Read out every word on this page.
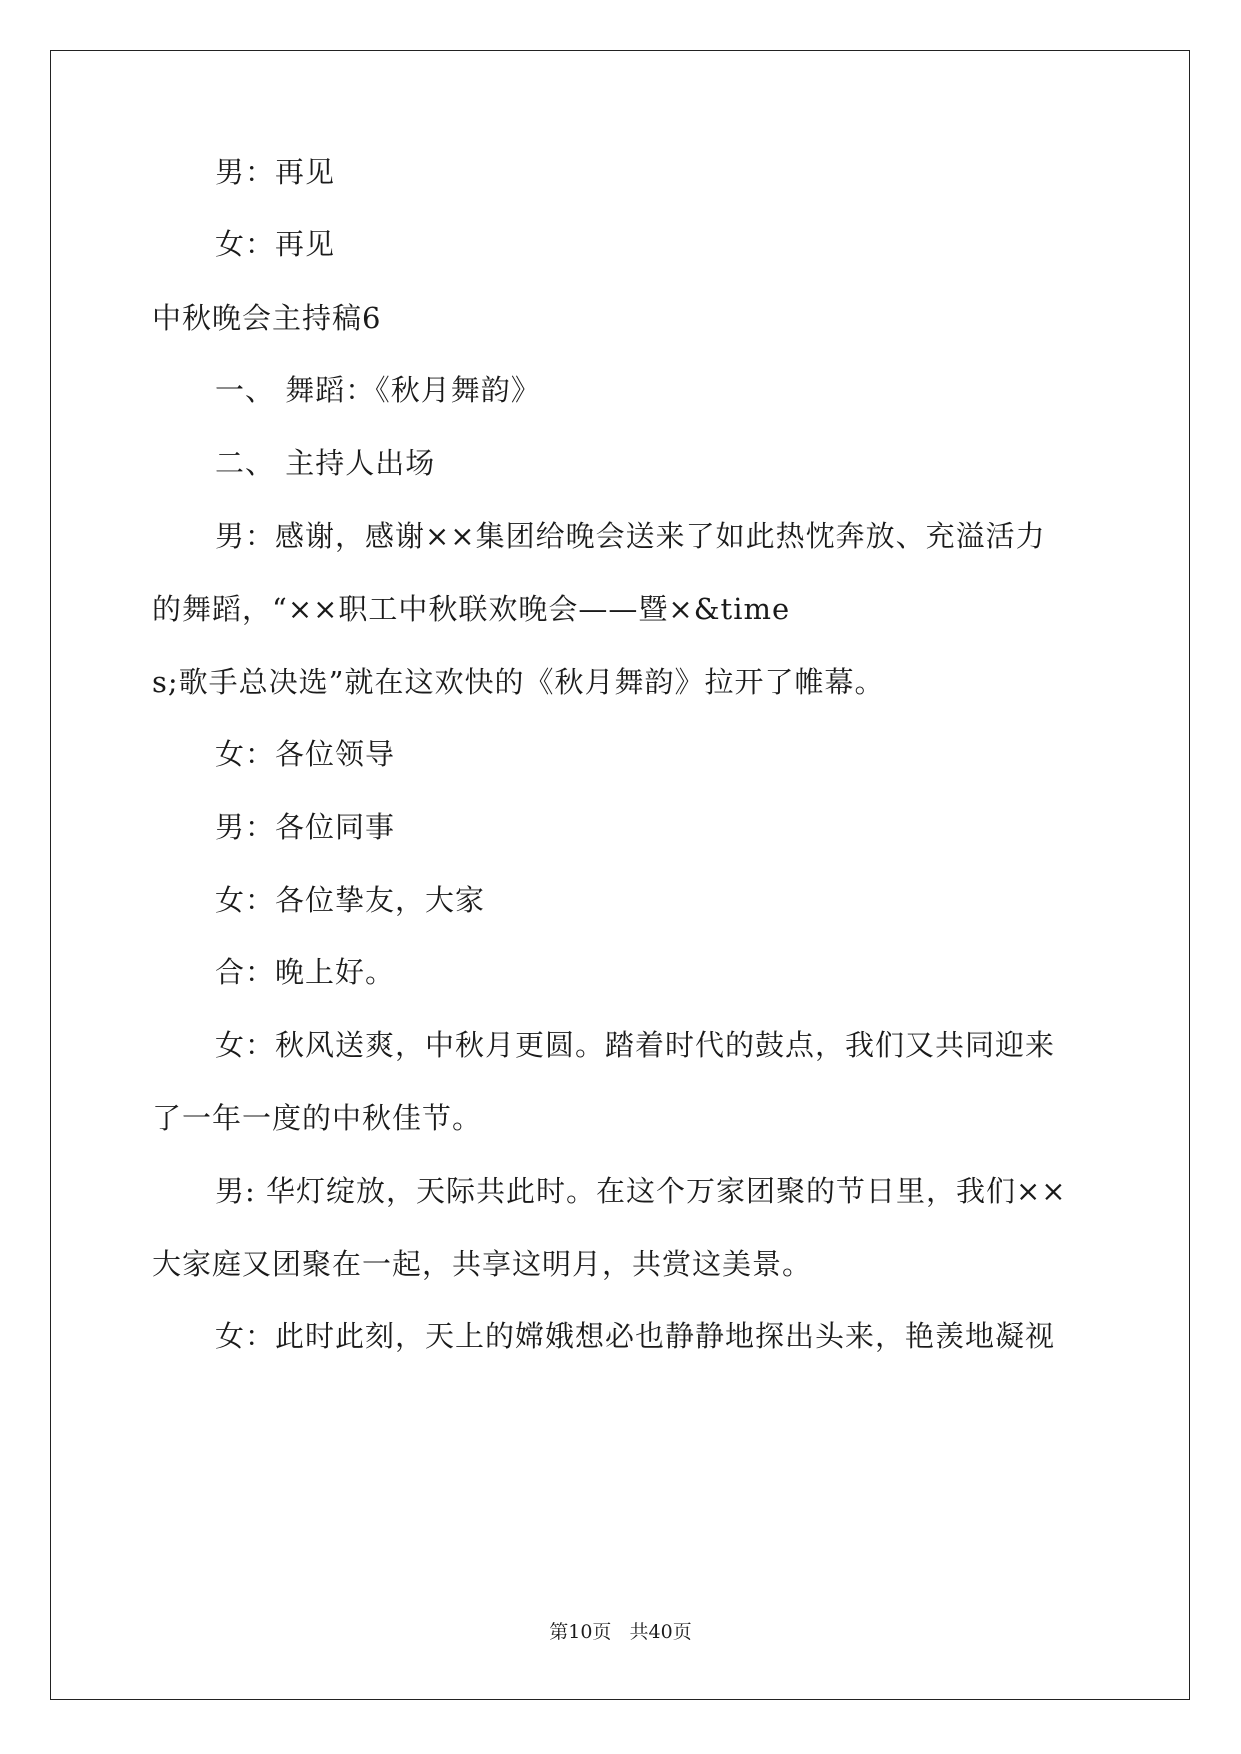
男：再见
女：再见
中秋晚会主持稿6
一、 舞蹈：《秋月舞韵》
二、 主持人出场
男：感谢，感谢××集团给晚会送来了如此热忱奔放、充溢活力
的舞蹈，“××职工中秋联欢晚会——暨×&time
s;歌手总决选”就在这欢快的《秋月舞韵》拉开了帷幕。
女：各位领导
男：各位同事
女：各位挚友，大家
合：晚上好。
女：秋风送爽，中秋月更圆。踏着时代的鼓点，我们又共同迎来
了一年一度的中秋佳节。
男: 华灯绽放，天际共此时。在这个万家团聚的节日里，我们××
大家庭又团聚在一起，共享这明月，共赏这美景。
女：此时此刻，天上的嫦娥想必也静静地探出头来，艳羡地凝视
第10页   共40页
